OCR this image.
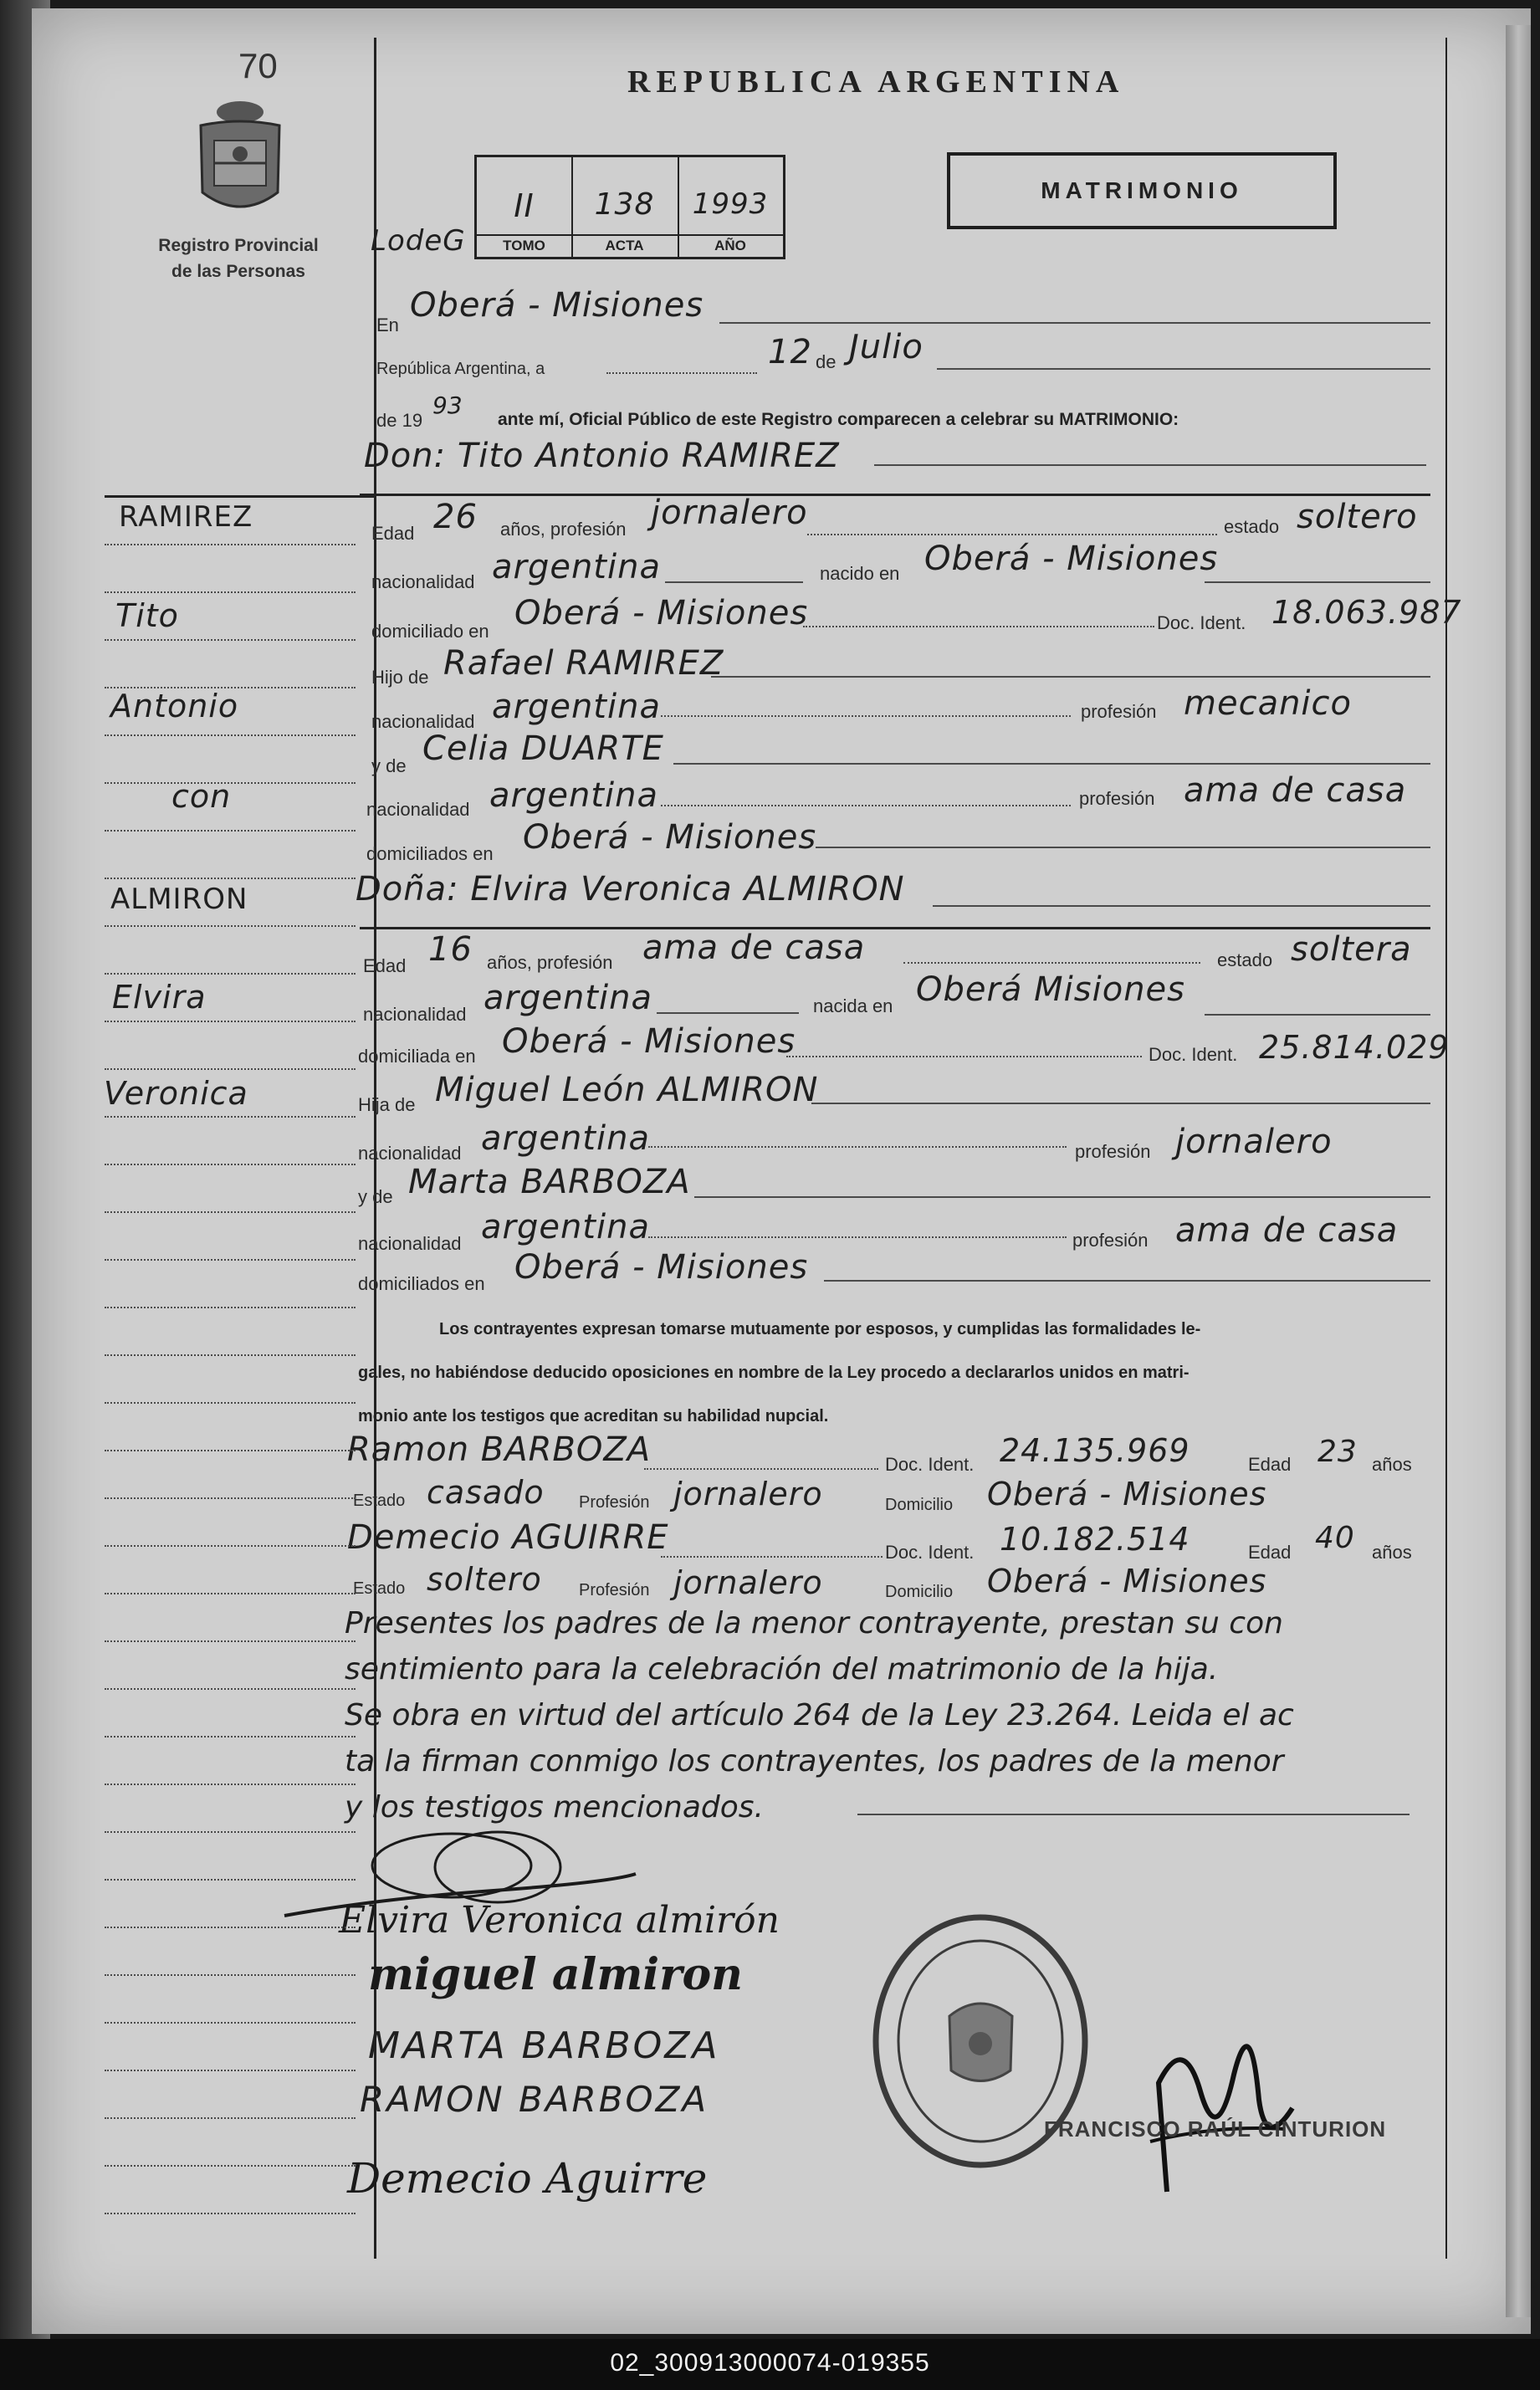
70
Registro Provincial
de las Personas
REPUBLICA ARGENTINA
MATRIMONIO
LodeG
II	138	1993
TOMO	ACTA	AÑO
En
Oberá - Misiones
República Argentina, a	12 de Julio
de 19
93
ante mí, Oficial Público de este Registro comparecen a celebrar su MATRIMONIO:
Don: Tito Antonio RAMIREZ
Edad 26 años, profesión jornalero	estado soltero
nacionalidad argentina	nacido en Oberá - Misiones
domiciliado en Oberá - Misiones	Doc. Ident. 18.063.987
Hijo de Rafael RAMIREZ
nacionalidad argentina	profesión mecanico
y de Celia DUARTE
nacionalidad argentina	profesión ama de casa
domiciliados en Oberá - Misiones
Doña: Elvira Veronica ALMIRON
Edad 16 años, profesión ama de casa	estado soltera
nacionalidad argentina	nacida en Oberá Misiones
domiciliada en Oberá - Misiones	Doc. Ident. 25.814.029
Hija de Miguel León ALMIRON
nacionalidad argentina	profesión jornalero
y de Marta BARBOZA
nacionalidad argentina	profesión ama de casa
domiciliados en Oberá - Misiones
Los contrayentes expresan tomarse mutuamente por esposos, y cumplidas las formalidades le-
gales, no habiéndose deducido oposiciones en nombre de la Ley procedo a declararlos unidos en matri-
monio ante los testigos que acreditan su habilidad nupcial.
Ramon BARBOZA	Doc. Ident. 24.135.969	Edad 23 años
Estado casado Profesión jornalero	Domicilio Oberá - Misiones
Demecio AGUIRRE	Doc. Ident. 10.182.514	Edad 40 años
Estado soltero Profesión jornalero	Domicilio Oberá - Misiones
Presentes los padres de la menor contrayente, prestan su con
sentimiento para la celebración del matrimonio de la hija.
Se obra en virtud del artículo 264 de la Ley 23.264. Leida el ac
ta la firman conmigo los contrayentes, los padres de la menor
y los testigos mencionados.
Elvira Veronica almirón
miguel almiron
MARTA BARBOZA
RAMON BARBOZA
Demecio Aguirre
FRANCISCO RAÚL CINTURION
RAMIREZ
Tito
Antonio
con
ALMIRON
Elvira
Veronica
02_300913000074-019355
